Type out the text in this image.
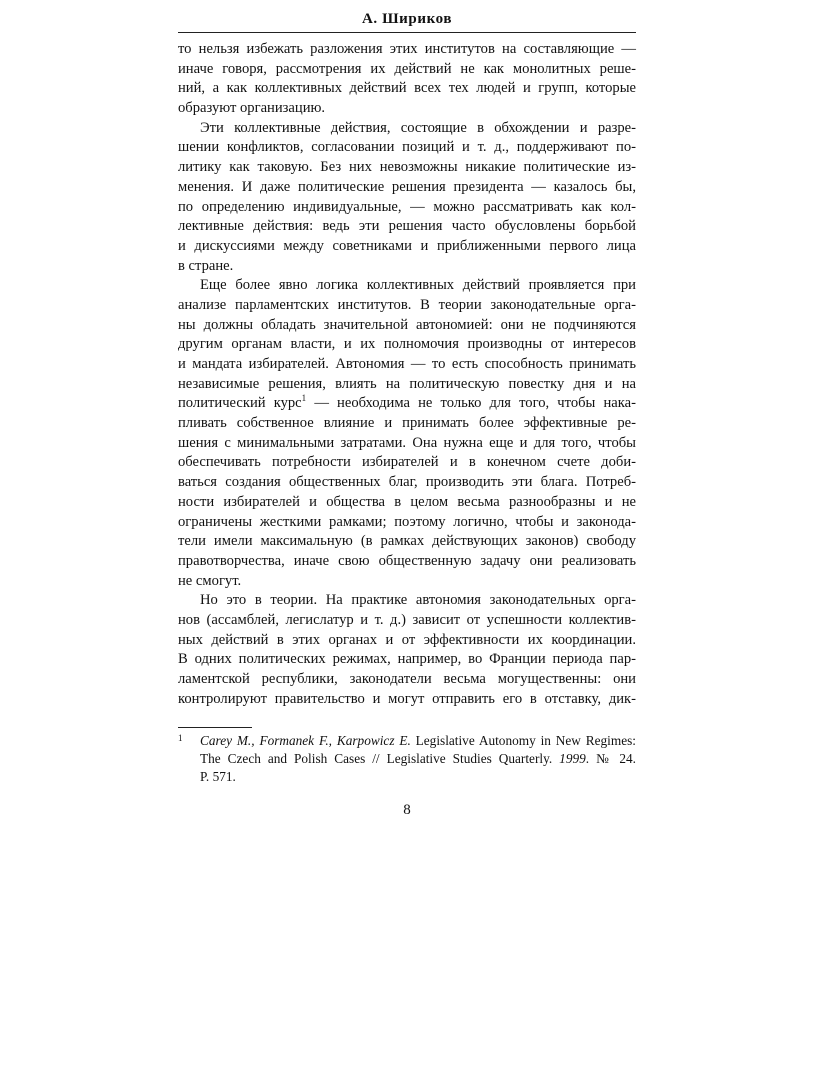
А. Шириков
то нельзя избежать разложения этих институтов на составляющие —
иначе говоря, рассмотрения их действий не как монолитных реше-
ний, а как коллективных действий всех тех людей и групп, которые
образуют организацию.
Эти коллективные действия, состоящие в обхождении и разре-
шении конфликтов, согласовании позиций и т. д., поддерживают по-
литику как таковую. Без них невозможны никакие политические из-
менения. И даже политические решения президента — казалось бы,
по определению индивидуальные, — можно рассматривать как кол-
лективные действия: ведь эти решения часто обусловлены борьбой
и дискуссиями между советниками и приближенными первого лица
в стране.
Еще более явно логика коллективных действий проявляется при
анализе парламентских институтов. В теории законодательные орга-
ны должны обладать значительной автономией: они не подчиняются
другим органам власти, и их полномочия производны от интересов
и мандата избирателей. Автономия — то есть способность принимать
независимые решения, влиять на политическую повестку дня и на
политический курс$^1$ — необходима не только для того, чтобы нака-
пливать собственное влияние и принимать более эффективные ре-
шения с минимальными затратами. Она нужна еще и для того, чтобы
обеспечивать потребности избирателей и в конечном счете доби-
ваться создания общественных благ, производить эти блага. Потреб-
ности избирателей и общества в целом весьма разнообразны и не
ограничены жесткими рамками; поэтому логично, чтобы и законода-
тели имели максимальную (в рамках действующих законов) свободу
правотворчества, иначе свою общественную задачу они реализовать
не смогут.
Но это в теории. На практике автономия законодательных орга-
нов (ассамблей, легислатур и т. д.) зависит от успешности коллектив-
ных действий в этих органах и от эффективности их координации.
В одних политических режимах, например, во Франции периода пар-
ламентской республики, законодатели весьма могущественны: они
контролируют правительство и могут отправить его в отставку, дик-
1 Carey M., Formanek F., Karpowicz E. Legislative Autonomy in New Regimes:
The Czech and Polish Cases // Legislative Studies Quarterly. 1999. № 24.
P. 571.
8
